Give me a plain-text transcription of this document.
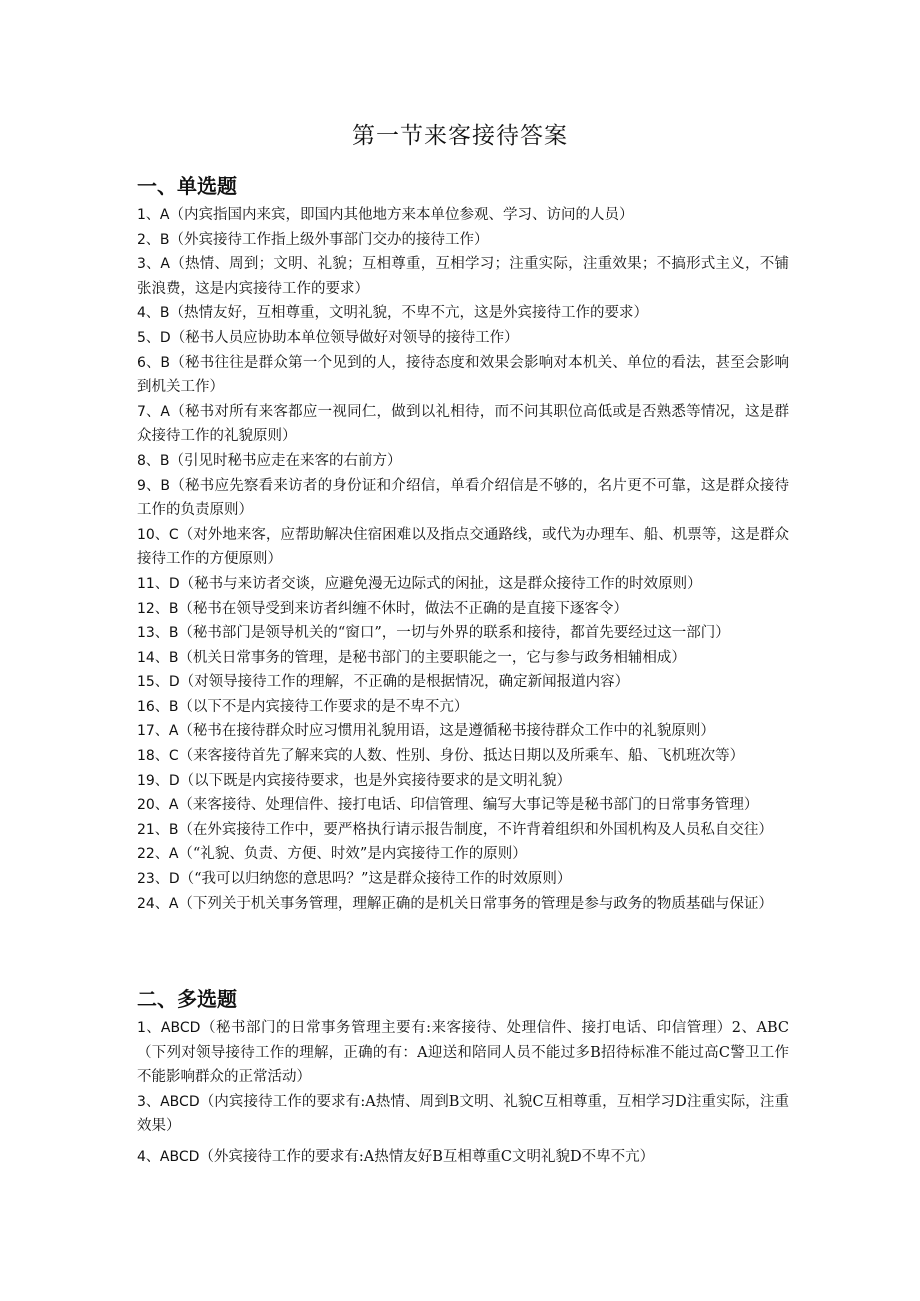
第一节来客接待答案
一、单选题
1、A（内宾指国内来宾，即国内其他地方来本单位参观、学习、访问的人员）
2、B（外宾接待工作指上级外事部门交办的接待工作）
3、A（热情、周到；文明、礼貌；互相尊重，互相学习；注重实际，注重效果；不搞形式主义，不铺张浪费，这是内宾接待工作的要求）
4、B（热情友好，互相尊重，文明礼貌，不卑不亢，这是外宾接待工作的要求）
5、D（秘书人员应协助本单位领导做好对领导的接待工作）
6、B（秘书往往是群众第一个见到的人，接待态度和效果会影响对本机关、单位的看法，甚至会影响到机关工作）
7、A（秘书对所有来客都应一视同仁，做到以礼相待，而不问其职位高低或是否熟悉等情况，这是群众接待工作的礼貌原则）
8、B（引见时秘书应走在来客的右前方）
9、B（秘书应先察看来访者的身份证和介绍信，单看介绍信是不够的，名片更不可靠，这是群众接待工作的负责原则）
10、C（对外地来客，应帮助解决住宿困难以及指点交通路线，或代为办理车、船、机票等，这是群众接待工作的方便原则）
11、D（秘书与来访者交谈，应避免漫无边际式的闲扯，这是群众接待工作的时效原则）
12、B（秘书在领导受到来访者纠缠不休时，做法不正确的是直接下逐客令）
13、B（秘书部门是领导机关的“窗口”，一切与外界的联系和接待，都首先要经过这一部门）
14、B（机关日常事务的管理，是秘书部门的主要职能之一，它与参与政务相辅相成）
15、D（对领导接待工作的理解，不正确的是根据情况，确定新闻报道内容）
16、B（以下不是内宾接待工作要求的是不卑不亢）
17、A（秘书在接待群众时应习惯用礼貌用语，这是遵循秘书接待群众工作中的礼貌原则）
18、C（来客接待首先了解来宾的人数、性别、身份、抵达日期以及所乘车、船、飞机班次等）
19、D（以下既是内宾接待要求，也是外宾接待要求的是文明礼貌）
20、A（来客接待、处理信件、接打电话、印信管理、编写大事记等是秘书部门的日常事务管理）
21、B（在外宾接待工作中，要严格执行请示报告制度，不许背着组织和外国机构及人员私自交往）
22、A（“礼貌、负责、方便、时效”是内宾接待工作的原则）
23、D（“我可以归纳您的意思吗？”这是群众接待工作的时效原则）
24、A（下列关于机关事务管理，理解正确的是机关日常事务的管理是参与政务的物质基础与保证）
二、多选题
1、ABCD（秘书部门的日常事务管理主要有:来客接待、处理信件、接打电话、印信管理）2、ABC（下列对领导接待工作的理解，正确的有：A迎送和陪同人员不能过多B招待标准不能过高C警卫工作不能影响群众的正常活动）
3、ABCD（内宾接待工作的要求有:A热情、周到B文明、礼貌C互相尊重，互相学习D注重实际，注重效果）
4、ABCD（外宾接待工作的要求有:A热情友好B互相尊重C文明礼貌D不卑不亢）
